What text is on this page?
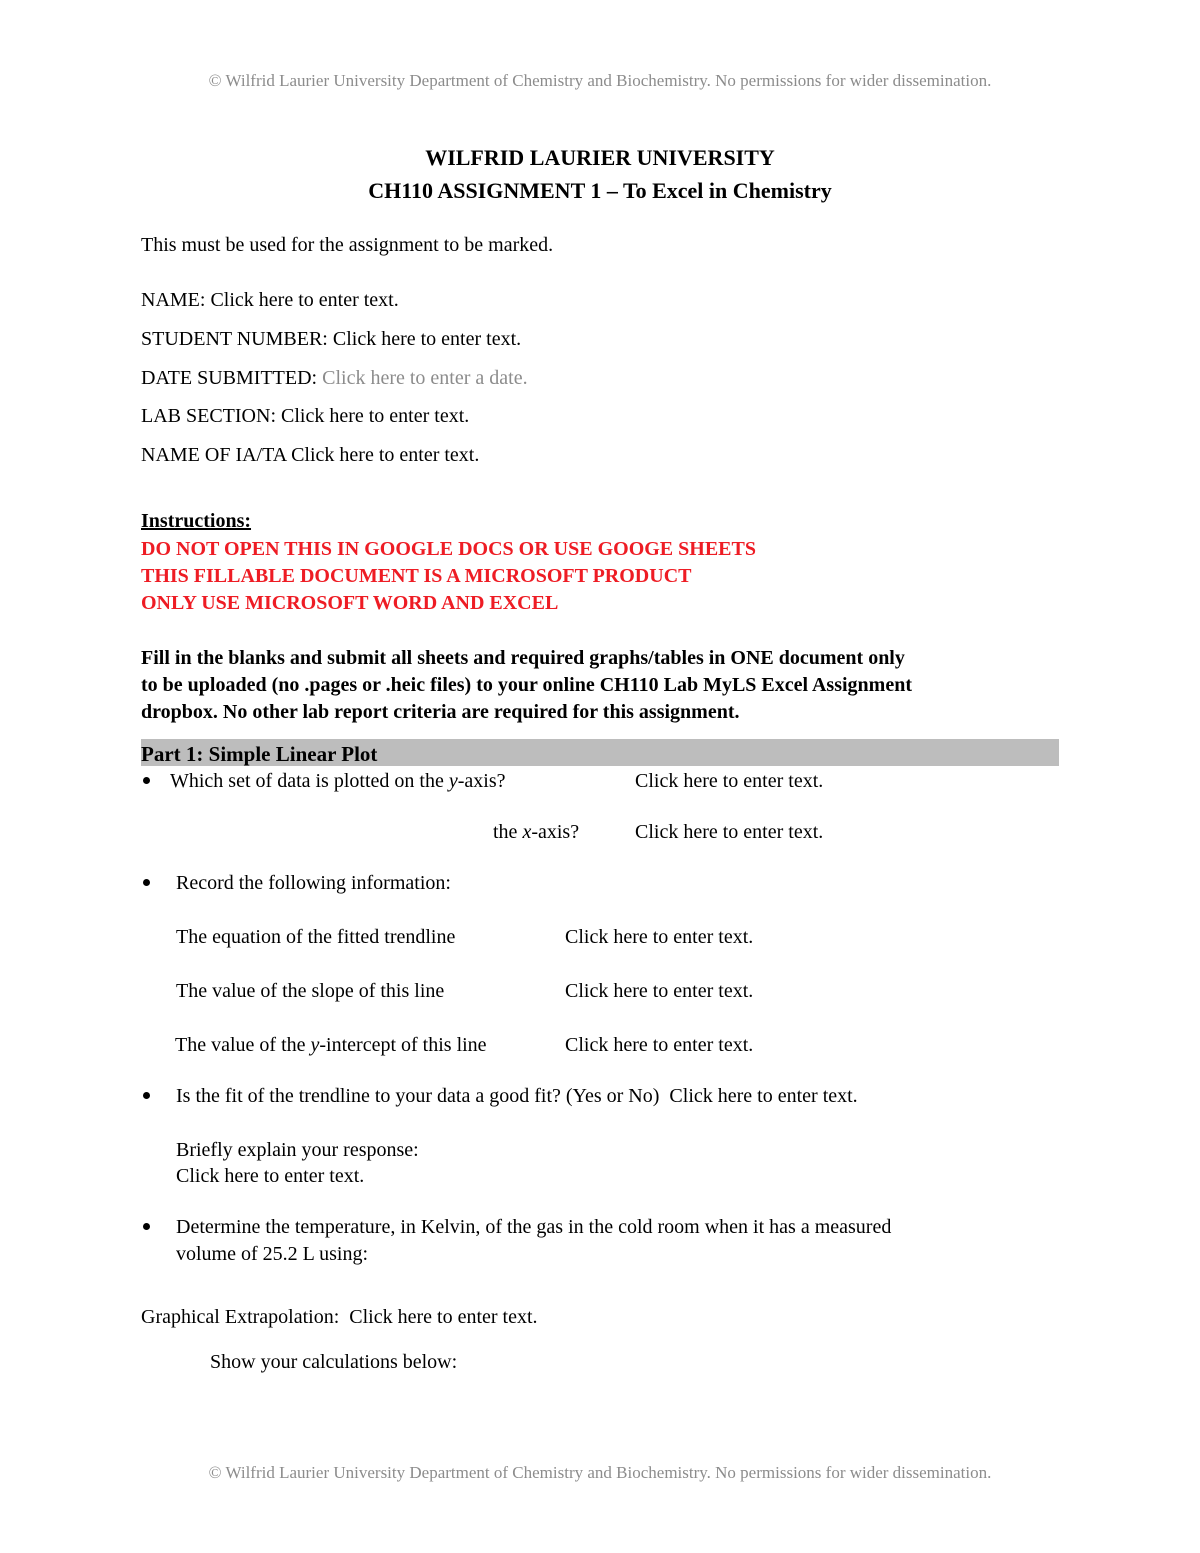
© Wilfrid Laurier University Department of Chemistry and Biochemistry. No permissions for wider dissemination.
WILFRID LAURIER UNIVERSITY
CH110 ASSIGNMENT 1 – To Excel in Chemistry
This must be used for the assignment to be marked.
NAME: Click here to enter text.
STUDENT NUMBER: Click here to enter text.
DATE SUBMITTED: Click here to enter a date.
LAB SECTION: Click here to enter text.
NAME OF IA/TA Click here to enter text.
Instructions:
DO NOT OPEN THIS IN GOOGLE DOCS OR USE GOOGE SHEETS
THIS FILLABLE DOCUMENT IS A MICROSOFT PRODUCT
ONLY USE MICROSOFT WORD AND EXCEL
Fill in the blanks and submit all sheets and required graphs/tables in ONE document only
to be uploaded (no .pages or .heic files) to your online CH110 Lab MyLS Excel Assignment
dropbox. No other lab report criteria are required for this assignment.
Part 1: Simple Linear Plot
Which set of data is plotted on the y-axis?	Click here to enter text.
the x-axis?	Click here to enter text.
Record the following information:
The equation of the fitted trendline	Click here to enter text.
The value of the slope of this line	Click here to enter text.
The value of the y-intercept of this line	Click here to enter text.
Is the fit of the trendline to your data a good fit? (Yes or No) Click here to enter text.
Briefly explain your response:
Click here to enter text.
Determine the temperature, in Kelvin, of the gas in the cold room when it has a measured
volume of 25.2 L using:
Graphical Extrapolation: Click here to enter text.
Show your calculations below:
© Wilfrid Laurier University Department of Chemistry and Biochemistry. No permissions for wider dissemination.
